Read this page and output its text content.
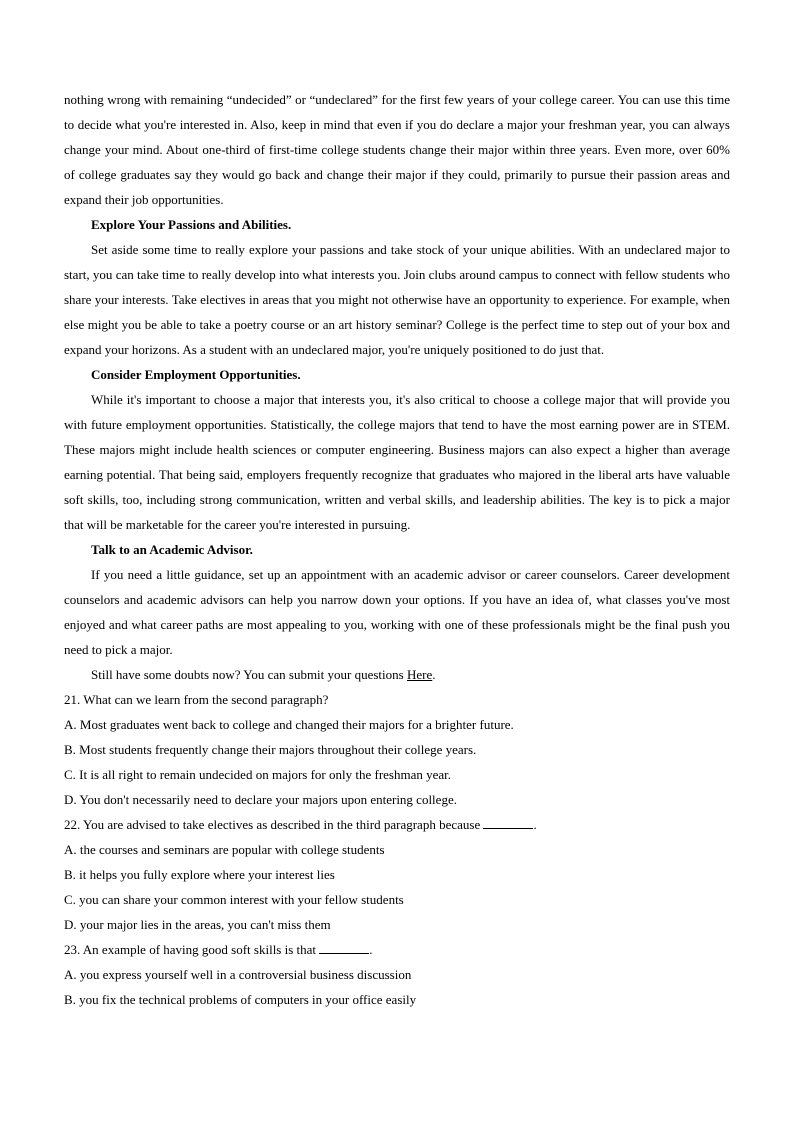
nothing wrong with remaining “undecided” or “undeclared” for the first few years of your college career. You can use this time to decide what you're interested in. Also, keep in mind that even if you do declare a major your freshman year, you can always change your mind. About one-third of first-time college students change their major within three years. Even more, over 60% of college graduates say they would go back and change their major if they could, primarily to pursue their passion areas and expand their job opportunities.

Explore Your Passions and Abilities.

Set aside some time to really explore your passions and take stock of your unique abilities. With an undeclared major to start, you can take time to really develop into what interests you. Join clubs around campus to connect with fellow students who share your interests. Take electives in areas that you might not otherwise have an opportunity to experience. For example, when else might you be able to take a poetry course or an art history seminar? College is the perfect time to step out of your box and expand your horizons. As a student with an undeclared major, you're uniquely positioned to do just that.

Consider Employment Opportunities.

While it's important to choose a major that interests you, it's also critical to choose a college major that will provide you with future employment opportunities. Statistically, the college majors that tend to have the most earning power are in STEM. These majors might include health sciences or computer engineering. Business majors can also expect a higher than average earning potential. That being said, employers frequently recognize that graduates who majored in the liberal arts have valuable soft skills, too, including strong communication, written and verbal skills, and leadership abilities. The key is to pick a major that will be marketable for the career you're interested in pursuing.

Talk to an Academic Advisor.

If you need a little guidance, set up an appointment with an academic advisor or career counselors. Career development counselors and academic advisors can help you narrow down your options. If you have an idea of, what classes you've most enjoyed and what career paths are most appealing to you, working with one of these professionals might be the final push you need to pick a major.

Still have some doubts now? You can submit your questions Here.

21. What can we learn from the second paragraph?

A. Most graduates went back to college and changed their majors for a brighter future.

B. Most students frequently change their majors throughout their college years.

C. It is all right to remain undecided on majors for only the freshman year.

D. You don't necessarily need to declare your majors upon entering college.

22. You are advised to take electives as described in the third paragraph because	.

A. the courses and seminars are popular with college students

B. it helps you fully explore where your interest lies

C. you can share your common interest with your fellow students

D. your major lies in the areas, you can't miss them

23. An example of having good soft skills is that	.

A. you express yourself well in a controversial business discussion

B. you fix the technical problems of computers in your office easily
